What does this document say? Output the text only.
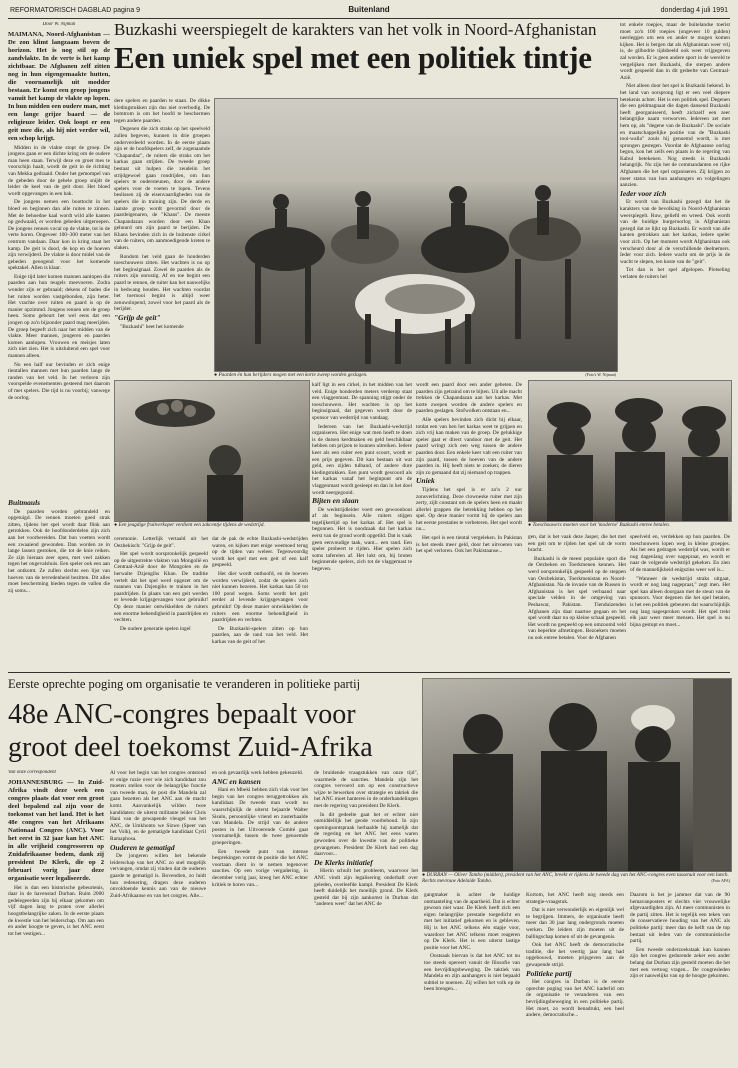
REFORMATORISCH DAGBLAD pagina 9	Buitenland	donderdag 4 juli 1991
Door W. Nijman

MAIMANA, Noord-Afghanistan — De zon klimt langzaam boven de horizon. Het is nog stil op de zandvlakte. In de verte is het kamp zichtbaar. De Afghanen zelf zitten nog in hun eigengemaakte hutten, die voornamelijk uit modder bestaan. Er komt een groep jongens vanuit het kamp de vlakte op lopen. In hun midden een oudere man, met een lange grijze baard — de religieuze leider. Ook loopt er een geit mee die, als hij niet verder wil, een schop krijgt.

Midden in de vlakte stopt de groep. De jongens gaan er een dichte kring om de oudere man heen staan. Terwijl deze en groet mes te voorschijn haalt, wordt de geit in de richting van Mekka gedraaid. Onder het gemompel van de gebeden door de gehele groep snijdt de leider de keel van de geit door. Het bloed wordt opgevangen in een bak.

De jongens nemen een boottocht in het bloed en beginnen dan alle ruiten te zinnen. Met de behoedne kaal wordt wild alle kanten op gedwaald, er worden gebeden uitgeroepen. De jongens rennen vocal op de vlakte, tot in de verte horen. Ongeveer 100–300 meter van het centrum vandaan. Daar kon in kring staat het kamp. De geit is dood, de kop en de hoeven zijn verwijderd. De vlakte is door midel van de gebeden geoogend voor het komende spektakel. Allen is klaar.

Enige tijd later komen mannen aanlopen die paarden aan hun teugels meevoeren. Zodra wonder zijn er gebraaid; dekens of bades die het ruiten worden vastgebonden, zijn beter. Het vrachte over ruiten en paard is op de manier opzimmd. Jongens rennen om de groep heen. Soms gebeurt het wel eens dat een jongen op zo'n bijzonder paard mag meerijden. De groep begeeft zich naar het midden van de vlakte. Meer mannen, jongeren en paarden komen aanlopen. Vrouwen en meisjes laten zich niet zien. Het is uitsluitend een spel voor mannen alleen.

Nu een half uur bevinden er zich enige tientallen mannen met hun paarden langs de randen van het veld. In het verloren zijn voorspelde evenementen gesteend met daarom of met spelers. Die tijd is nu voorbij; vanwege de oorlog.

Buzkashi weerspiegelt de karakters van het volk in Noord-Afghanistan
Een uniek spel met een politiek tintje

dere spelers en paarden te staan. De dikke kledingstukken zijn dus niet overbodig. De bomtrom is om het hoofd te beschermen tegen andere paarden.

Degenen die zich straks op het speelveld zullen begeven, kunnen in drie groepen onderverdeeld worden. In de eerste plaats zijn er de hoofdspelers zelf, de zogenaamde "Chapandaz", de ruiters die straks om het karkas gaan strijden. De tweede groep bestaat uit hulpen die zeudeiin het strijdgewoel gaan rondrijden, om hun spelers te ondersteunen, door de andere spelers voor de voeten te lopen. Tevens beslissen zij de eisenvaardigheden van de spelers die in training zijn. De derde en laatste groep wordt gevormd door de paardeigenaren, de "Khans". De meeste Chapandazan worden door een Khan gehuurd om zijn paard te berijden. De Khans bevinden zich in de buitenste cirkel van de ruiters, om aanmoedigende kreten te slaken.

Rondom het veld gaan de honderden toeschouwers zitten. Het wachten is nu op het beginsignaal. Zowel de paarden als de ruiters zijn onrustig. Af en toe begint een paard te rennen, de ruiter kan het nauwelijks in bedwang houden. Het wachten voordat het toernooi begint is altijd weer zenuwslopend, zowel voor het paard als de berijder.

"Grijp de geit"

"Buzkashi" heet het komende

● Paarden én hun berijders mogen met een korte zweep worden geslagen.	(Foto's W. Nijman)

tot enkele roepjes, maar de buitelandse toerist moet zo'n 100 roepies (ongeveer 10 gulden) neerleggen om een en ander te mogen komen kijken. Het is bergen dat als Afghanistan weer vrij is, de gilbodrie tijdsbeeld ook weer vrijgegeven zal worden. Er is geen andere sport in de wereld te vergelijken met Buzkashi, die sterpen andere wordt gespeeld dan in dit gedeelte van Centraal-Azië.

Niet alleen door het spel is Buzkashi bekend. In het land van oorsprong ligt er een veel diepere betekenis achter. Het is een politiek spel. Degenen die een geldmagnaat die dagen dansend Buzkashi heeft georganiseerd, heeft zichzelf een zeer belangrijke naam verworven. Iedereen zet met hem op, als "degene van de Buzkashi". De sociale en maatschappelijke positie van de "Buzkashi tooi-walla" zouls hij genoemd wordt, is met sprongen gestegen. Voordat de Afghaanse oorlog begon, kon het zelfs een plaats in de regering van Kabul betekenen. Nog steeds is Buzkashi belangrijk. Nu zijn het de commandanten en rijke Afghanen die het spel organiseren. Zij krijgen zo meer status van hun aanhangers en volgelingen aanzien.

Ieder voor zich

Er wordt van Buzkashi gezegd dat het de karakters van de bevolking in Noord-Afghanistan weerspiegelt. Ruw, geliefd en wreed. Ook wordt van de huidige burgeroorlog in Afghanistan gezegd dat ze lijkt op Buzkashi. Er wordt van alle kanten getrokken aan het karkas, iedere speler voor zich. Op het moment wordt Afghanistan ook verscheurd door al de verschillende deelnemers. Ieder voor zich. Iedere wacht om de prijs in de wacht te slepen, ten koste van de "geit".

Tot dan is het spel afgelopen. Plotseling verlaten de ruiters hel

● Een jeugdige fruitverkoper verdient een zakcentje tijdens de wedstrijd.	● Toeschouwers moeten voor het 'moderne' Buzkashi entree betalen.

Buitmauls

De paarden worden gebrandeld en opgetuigd. De rennen moeten goed strak zitten, tijdens het spel wordt daar flink aan getrokken. Ook de hoofdonderdelen zijn zich aan het voorbereiden. Dat hun voetten wordt een zwaaiend gewonden. Dan worden ze in lange lassen gestoken, die tot de knie reiken. Ze zijn hieraan zeer open, met veel zakken tegen het ongevalshuis. Een speler ook een aan het ontkomt. Ze zullen slechts een lijst van hoeven van de tevredenheid bezitten. Dit alles moet bescherming bieden tegen de vallen die zij soms...

ceremonie. Letterlijk vertaald uit het Oezbekisch: "Grijp de geit".

Het spel wordt oorspronkelijk gespeeld op de uitgestrekte vlakten van Mongolië en Centraal-Azië door de Mongolen en de herwalte Dzjengihs Khan. De traditie vertelt dat het spel werd opgezet om de mannen van Dzjengihs te trainen in het paardrijden. In plaats van een geit werden er levende krijgsgevangen voor gebruikt! Op deze manier ontwikkelden de ruiters een enorme behendigheid in paardrijden en vechten.

De oudere generatie spelen ingel

dat de pak de echte Buzkashi-wedstrijden waren, en kijken met enige weemoed terug op de tijden van weleer. Tegenwoordig wordt het spel met een geit of een kalf gespeeld.

Het dier wordt onthoofd, en de hoeven worden verwijderd, zodat de spelers zich niet kunnen bezeren. Het karkas kan 50 tot 100 pond wegen. Soms wordt het geit eerder al levende krijgsgevangen voor gebruikt! Op deze manier ontwikkelden de ruiters een enorme behendigheid in paardrijden en vechten.

De Buzkashi-spelers zitten op hun paarden, aan de rand van het veld. Het karkas van de geit of het

kalf ligt in een cirkel, in het midden van het veld. Enige honderden meters verderop staat een vlaggenmast. De spanning stijgt onder de toeschouwers. Het wachten is op het beginsignaal, dat gegeven wordt door de sponsor van wedstrijd van vandaag.

Iedereen van het Buzkashi-wedstrijd organiseren. Het enige wat men hoeft te doen is de dutsen kerdmaken en geld beschikbaar hebben om prijzen te kunnen uitreiken. Iedere keer als een ruiter een punt scoort, wordt er een prijs gegeven. Dit kan bestaan uit wat geld, een zijden tulband, of andere dure kledingstukken. Een punt wordt gescoord als het karkas vanaf het beginpunt om de vlaggenmast wordt gesleept en dan in het doel wordt neergegooid.

Bijten en slaan

De wedstrijdleider voert een gewoonhout af als beginsein. Alle ruiters stijgen tegelijkertijd op het karkas af. Het spel is begonnen. Het is noodzaak dat het karkas eerst van de grond wordt opgetild. Dat is vaak geen eenvoudige taak, want... een rand. Een speler probeert te rijden. Hier spelen zich soms taferelen af. Het lukt om, bij bruten beginnende spelers, zich tot de vlaggemast te begeven.

wordt een paard door een ander gebeten. De paarden zijn getraind om te bijten. Uit alle macht trekken de Chapandazan aan het karkas. Met korte zwepen worden de andere spelers en paarden geslagen. Stofwolken ontstaan en...

Alle spelers bevinden zich dicht bij elkaar, totdat een van hen het karkas weet te grijpen en zich vrij kan maken van de groep. De gelukkige speler gaat er direct vandoor met de geit. Het paard wringt zich een weg tussen de andere paarden door. Een enkele keer valt een ruiter van zijn paard, tussen de hoeven van de andere paarden in. Hij heeft niets te zoeken; de dieren zijn zo gemaand dat zij niemand op trappen.

Uniek

Tijdens het spel is er zo'n 2 uur zonsverlichting. Deze clowneske ruiter met zijn zerty, zijlt constant om de spelers heen en maakt allerlei grappen die betrekking hebben op het spel. Op deze manier vormt hij de spelers aan het eerste prestaties te verbeteren. Het spel wordt nu...

Het spel is een tiental vergeleken. In Pakistan is het steeds meer geld, door het uitvoeren van het spel verloren. Ook het Pakistaanse...

gen, dat is het vaak deze Jasper, die het met een geit om te rijden het spel uit de vorm bracht.

Buzkashi is de meest populaire sport die de Oezbeken en Toerkmenen kennen. Het werd oorspronkelijk gespeeld op de steppen van Oezbekistan, Toerkmenistan en Noord-Afghanistan. Na de invasie van de Russen in Afghanistan is het spel verbaand naar speciale velden in de omgeving van Peshawar, Pakistan. Tienduizenden Afghanen zijn daar naartoe gegaan en het spel wordt daar nu op kleine schaal gespeeld. Het wordt nu gespeeld op een omzoomd veld van beperkte afmetingen. Bezoekers moeten nu ook entree betalen. Voor de Afghanen

speelveld en, verdekken op hun paarden. De toeschouwers lopen weg in kleine groepjes. Als het een gedragen wedstrijd was, wordt er nog dagenlang over nagepraat, en wordt er naar de volgende wedstrijd gekeken. En zien of de mannelijkheid enigszins weer wel is...

"Wanneer de wedstrijd straks uitgaat, wordt er nog lang nagepraat," zegt men. Het spel kan alleen doorgaan met de steun van de sponsors. Voor degenen die het spel betalen, is het een politiek gebeuren dat waarschijnlijk nog lang nagesproken wordt. Het spel trekt elk jaar weer meer mensen. Het spel is nu bijna gestopt en moet...

Eerste oprechte poging om organisatie te veranderen in politieke partij
48e ANC-congres bepaalt voor groot deel toekomst Zuid-Afrika
● DURBAN — Oliver Tambo (midden), president van het ANC, breekt er tijdens de tweede dag van het ANC-congres even tussenuit voor een lunch. Rechts mevrouw Adelaide Tambo.	(Foto AFA)
Van onze correspondent

JOHANNESBURG — In Zuid-Afrika vindt deze week een congres plaats dat voor een groot deel bepalend zal zijn voor de toekomst van het land. Het is het 48e congres van het Afrikaans Nationaal Congres (ANC). Voor het eerst in 32 jaar kan het ANC in alle vrijheid congresseren op Zuidafrikaanse bodem, dank zij president De Klerk, die op 2 februari vorig jaar deze organisatie weer legaliseerde.

Het is dan een historische gebeurtenis, daar in de havenstad Durban. Ruim 2000 gedelegeerden zijn bij elkaar gekomen om vijf dagen lang te praten over allerlei hoogstbelangrijke zaken. In de eerste plaats de kwestie van het leiderschap. Om aan een en ander hoogte te geven, is het ANC eerst tot het vestigen...

Al voor het begin van het congres ontstond er enige ruzie over wie zich kandidaat zou moeten stellen voor de belangrijke functie van tweede man, de post die Mandela zal gaan bezetten als het ANC aan de macht komt. Aanvankelijk wilden twee kandidaten: de uiterst militante leider Chris Hani van de gewapende vleugel van het ANC, de Umkhonto we Sizwe (Speer van het Volk), en de gematigde kandidaat Cyril Ramaphosa.

Ouderen te gematigd

De jongeren willen het bekende leiderschap van het ANC zo snel mogelijk vervangen, omdat zij vinden dat de ouderen gaarde te gematigd is. Bovendien, zo luidt hun redenering, dragen deze ouderen onvoldoende kennis aan van de nieuwe Zuid-Afrikaanse en van het congres. Alle...

en ook gevaarlijk werk hebben gekeuzeld.

ANC en kansen

Hani en Mbeki hebben zich vlak voor het begin van het congres teruggetrokken als kandidaat. De tweede man wordt nu waarschijnlijk de uiterst bejaarde Walter Sisulu, persoonlijke vriend en zusterhaalde van Mandela. De strijd van de andere posten in het Uitvoerende Comité gaat voornamelijk tussen de twee genoemde groeperingen.

Een tweede punt van intense besprekingen vormt de positie die het ANC voortaan dient in te nemen tegenover sancties. Op een vorige vergadering, in december vorig jaar, kreeg het ANC echter kritiek te horen van...

de bruidende vraagstukken van onze tijd", waarmede de sancties. Mandela zijn het congres vervoerd om op een constructieve wijze te bewerken over strategie en taktiek die het ANC moet hanteren in de onderhandelingen met de regering van president De Klerk.

In dit gedeelte gaat het er echter niet onmiddellijk het geode voorbehoud. In zijn openingsontspraak herhaalde hij namelijk dat de regering en het ANC het eens waren geworden over de kwestie van de politieke gevangenen. President De Klerk had een dag daarvoor...

De Klerks initiatief

Hierin schuilt het probleem, waarvoor het ANC vindt zijn legalisering onderhaft over geleden, overleefde kampl. President De Klerk heeft duidelijk het moeilijk grond. De Klerk gesteld dat bij zijn aankomst in Durban dat "anderen weet" dat het ANC de

gangmaker is achter de huidige ontmanteling van de apartheid. Dat is echter gewoon niet waar. De Klerk heeft zich een eigen belangrijke prestatie toegedicht en met het initiatief gekomen en is gebleven. Hij is het ANC telkens één stapje voor, waardoor het ANC telkens moet reageren op De Klerk. Het is een uiterst lastige positie voor het ANC.

Oostsaak hiervan is dat het ANC tot nu toe steeds opereert vanuit de filosofie van een bevrijdingsbeweging. De taktiek van Mandela en zijn aanhangers is niet bepaald subtiel te noemen. Zij willen het volk op de been brengen...

Kortom, het ANC heeft nog steeds een strategie-vraagstuk.

Dat is niet verwonderlijk en eigenlijk wel te begrijpen. Immers, de organisatie heeft meer dan 30 jaar lang ondergronds moeten werken. De leiders zijn moeten uit de ballingschap komen of uit de gevangenis.

Ook het ANC heeft de democratische traditie, die het veertig jaar lang had opgebouwd, moeten prijsgeven aan de gewapende strijd.

Politieke partij

Het congres in Durban is de eerste oprechte poging van het ANC kaderlid om de organisatie te veranderen van een bevrijdingsbeweging in een politieke partij. Het moet, zo wordt benadrukt, een heel andere, democratische...

Daarom is het je jammer dat van de 90 hemavanposters er slechts vier vrouwelijke afgevaardigden zijn. Al meer communisten in de partij zitten. Het is tegelijk een teken van de conservatieve houding van het ANC als politieke partij: meer dan de helft van de top bestaat uit leden van de communistische partij.

Een tweede onderzoekstaak kan kunnen zijn het congres gedurende zeker een ander belang dat Durban zijn gesteld moeten die het met een vertoog vragen... De congresleden zijn er nauwelijks van op de hoogte gekomen.
